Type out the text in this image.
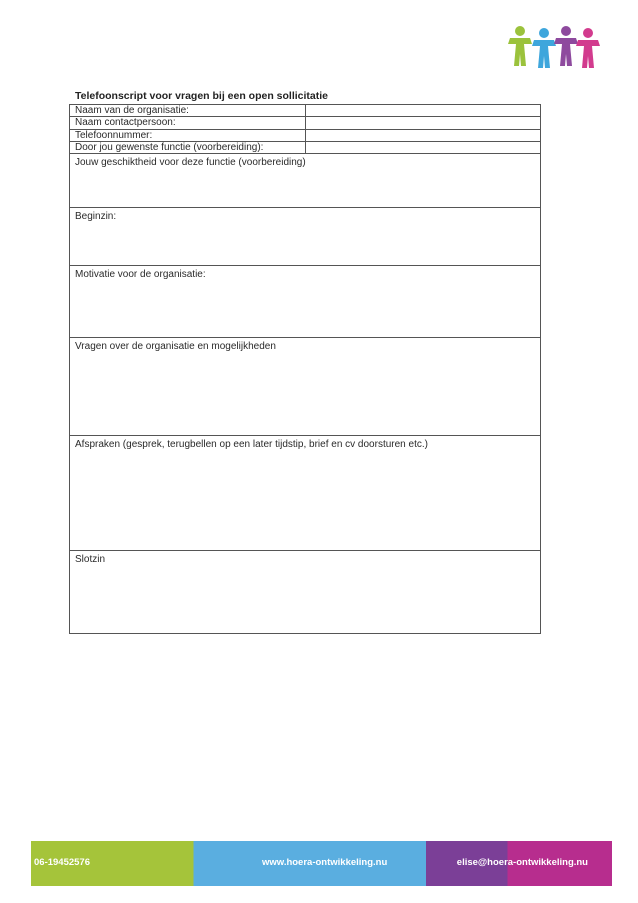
Telefoonscript voor vragen bij een open sollicitatie
Naam van de organisatie:
Naam contactpersoon:
Telefoonnummer:
Door jou gewenste functie (voorbereiding):
Jouw geschiktheid voor deze functie (voorbereiding)
Beginzin:
Motivatie voor de organisatie:
Vragen over de organisatie en mogelijkheden
Afspraken (gesprek, terugbellen op een later tijdstip, brief en cv doorsturen etc.)
Slotzin
06-19452576	www.hoera-ontwikkeling.nu	elise@hoera-ontwikkeling.nu
